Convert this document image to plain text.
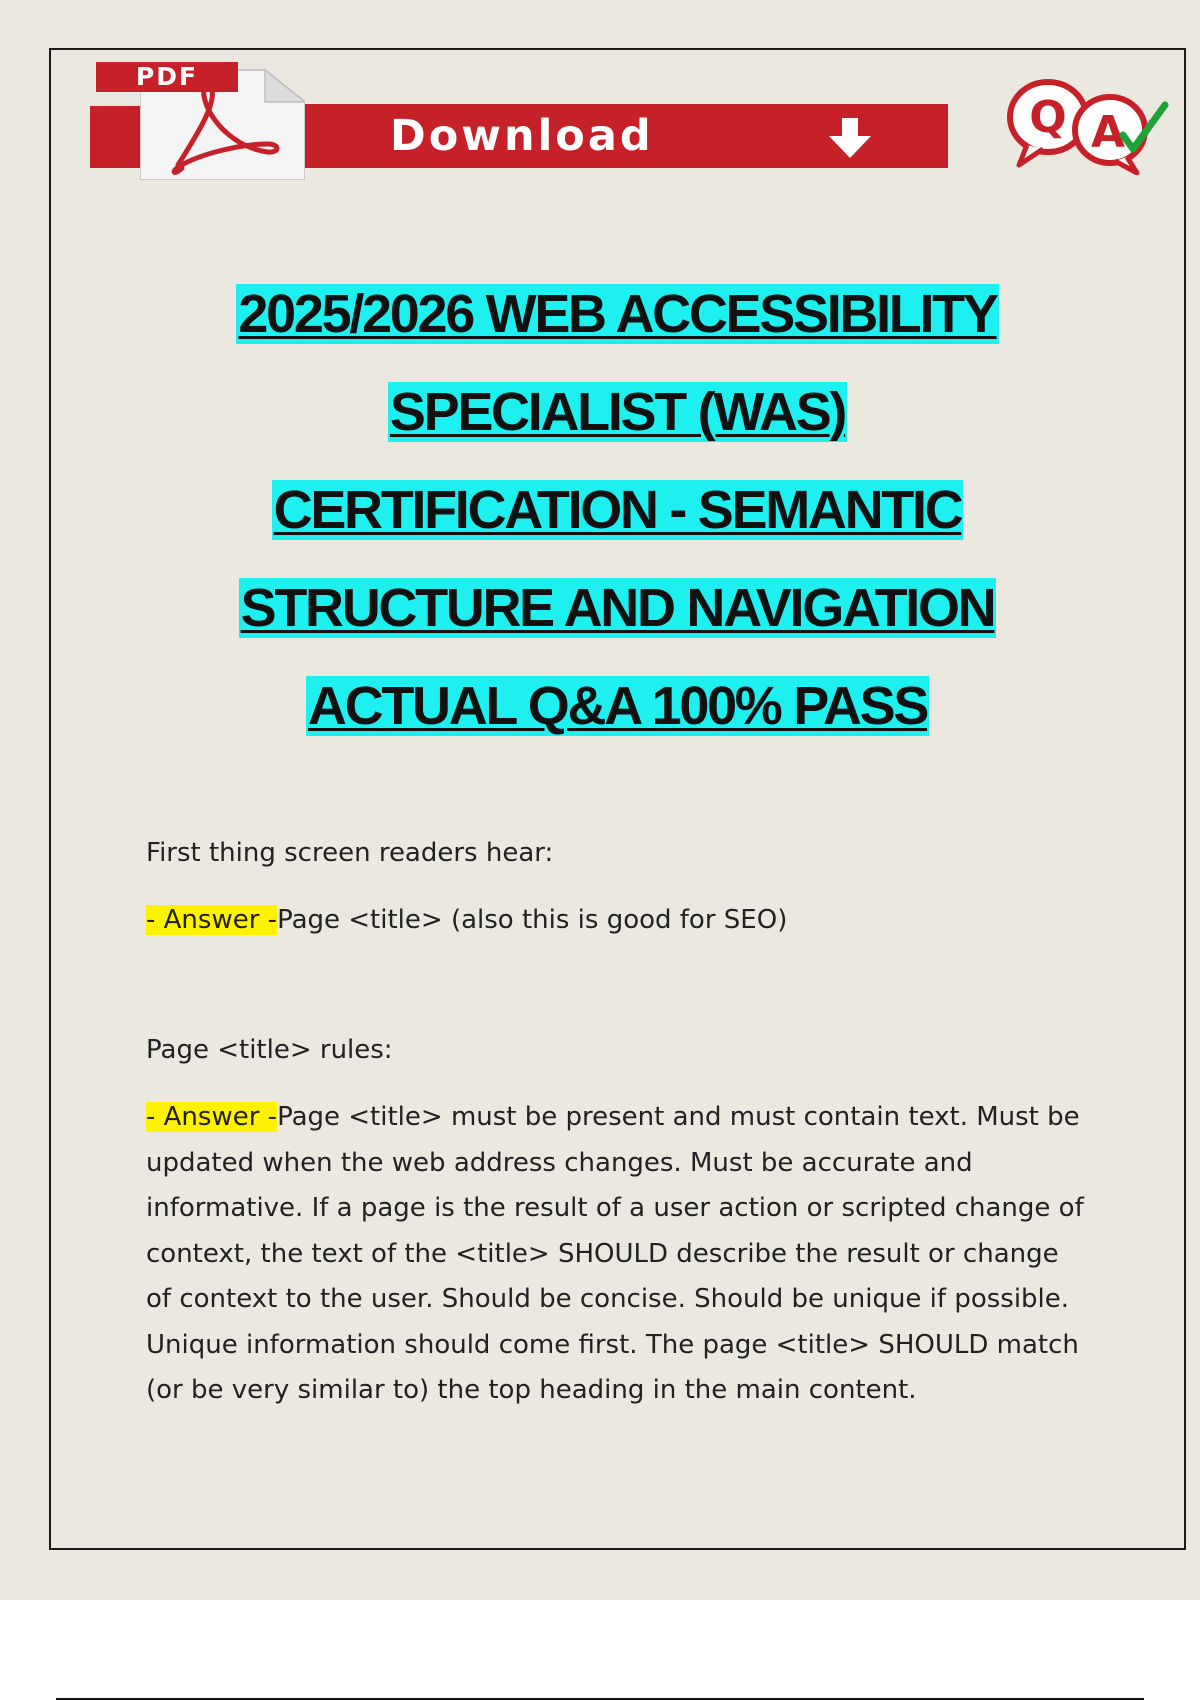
PDF
Download	Q A
2025/2026 WEB ACCESSIBILITY
SPECIALIST (WAS)
CERTIFICATION - SEMANTIC
STRUCTURE AND NAVIGATION
ACTUAL Q&A 100% PASS
First thing screen readers hear:
- Answer -Page <title> (also this is good for SEO)
Page <title> rules:
- Answer -Page <title> must be present and must contain text. Must be updated when the web address changes. Must be accurate and informative. If a page is the result of a user action or scripted change of context, the text of the <title> SHOULD describe the result or change of context to the user. Should be concise. Should be unique if possible. Unique information should come first. The page <title> SHOULD match (or be very similar to) the top heading in the main content.
